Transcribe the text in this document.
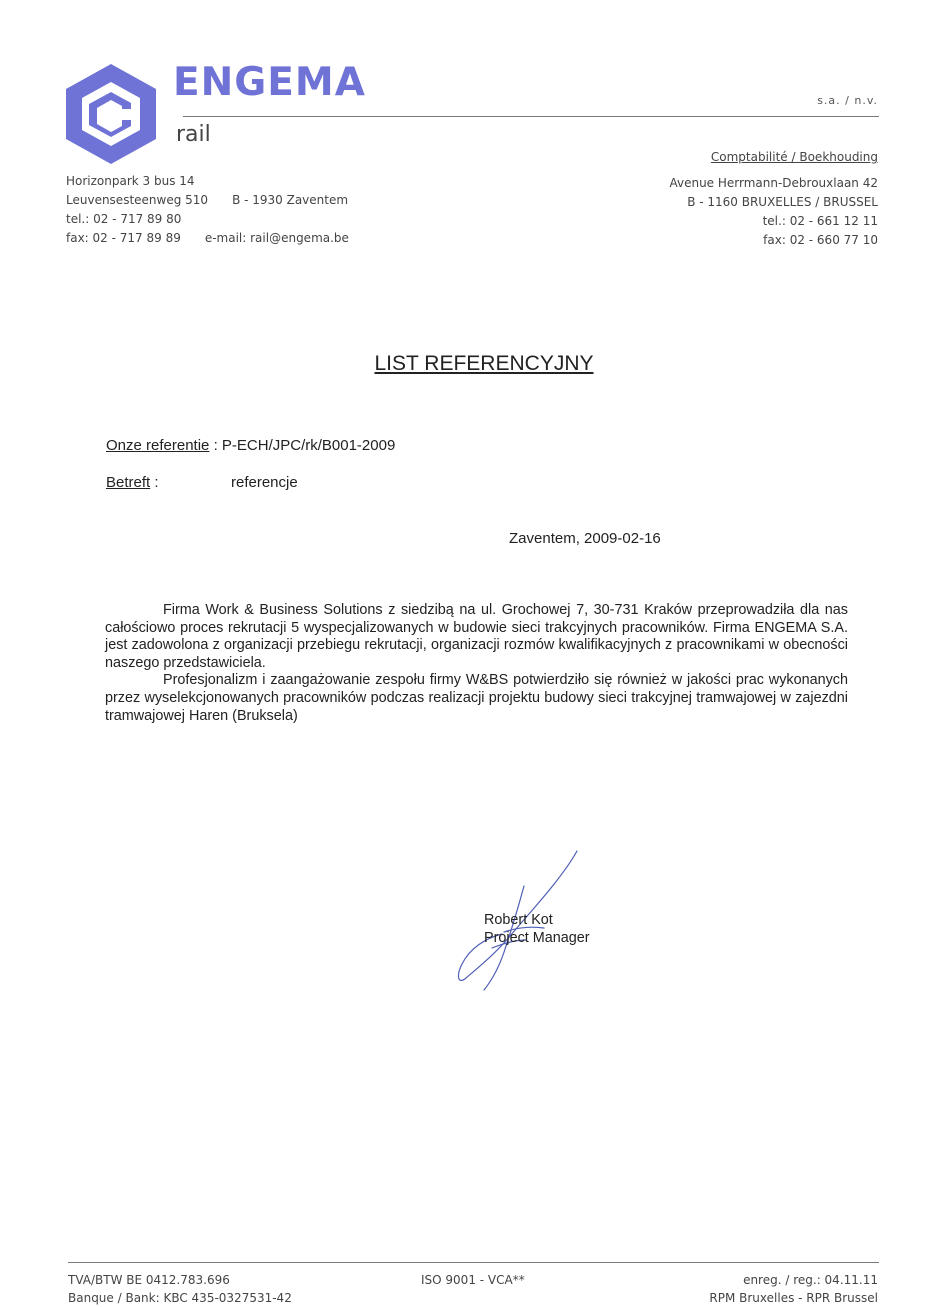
ENGEMA
rail
s.a. / n.v.
Horizonpark 3 bus 14
Leuvensesteenweg 510 B - 1930 Zaventem
tel.: 02 - 717 89 80
fax: 02 - 717 89 89 e-mail: rail@engema.be
Comptabilité / Boekhouding
Avenue Herrmann-Debrouxlaan 42
B - 1160 BRUXELLES / BRUSSEL
tel.: 02 - 661 12 11
fax: 02 - 660 77 10
LIST REFERENCYJNY
Onze referentie : P-ECH/JPC/rk/B001-2009
Betreft :	referencje
Zaventem, 2009-02-16

Firma Work & Business Solutions z siedzibą na ul. Grochowej 7, 30-731 Kraków przeprowadziła dla nas całościowo proces rekrutacji 5 wyspecjalizowanych w budowie sieci trakcyjnych pracowników. Firma ENGEMA S.A. jest zadowolona z organizacji przebiegu rekrutacji, organizacji rozmów kwalifikacyjnych z pracownikami w obecności naszego przedstawiciela.

Profesjonalizm i zaangażowanie zespołu firmy W&BS potwierdziło się również w jakości prac wykonanych przez wyselekcjonowanych pracowników podczas realizacji projektu budowy sieci trakcyjnej tramwajowej w zajezdni tramwajowej Haren (Bruksela)

Robert Kot
Project Manager
TVA/BTW BE 0412.783.696
Banque / Bank: KBC 435-0327531-42
ISO 9001 - VCA**	enreg. / reg.: 04.11.11
RPM Bruxelles - RPR Brussel
